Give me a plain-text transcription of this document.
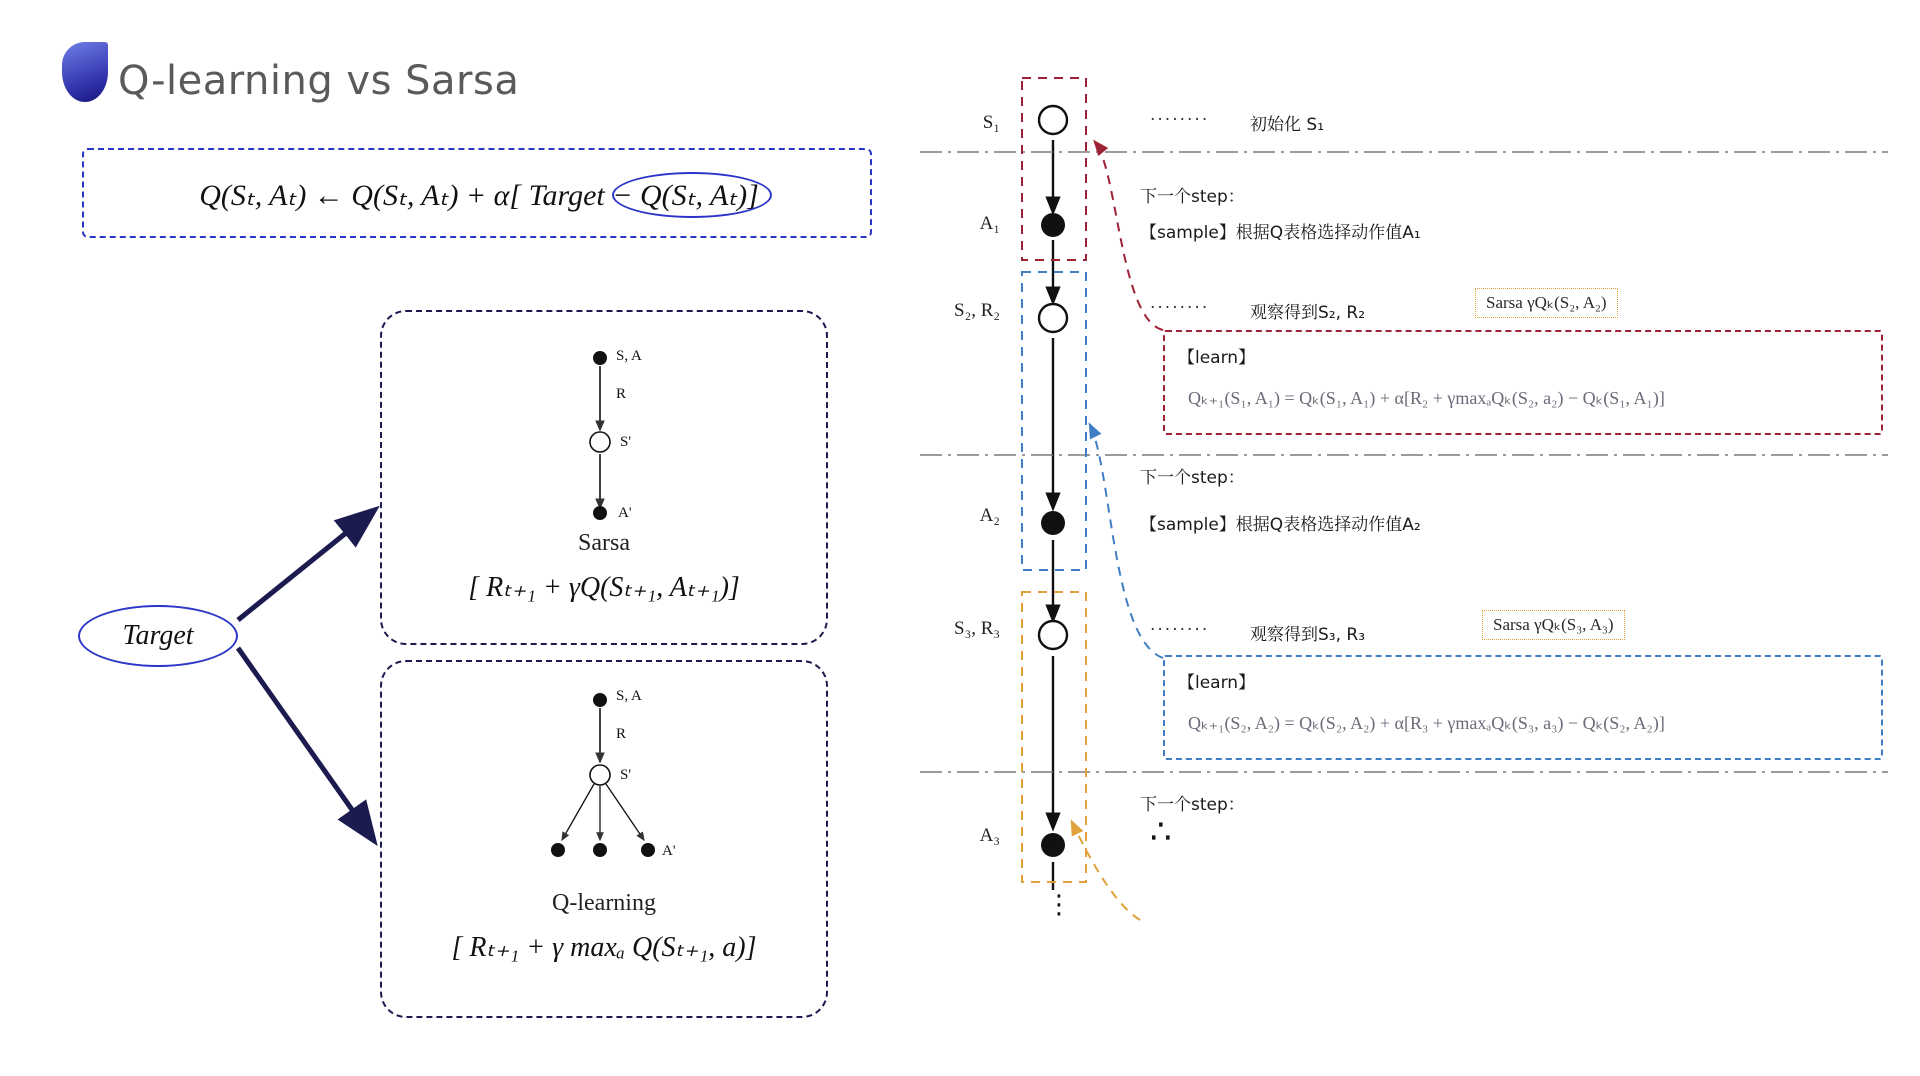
Q-learning vs Sarsa
Q(Sₜ, Aₜ) ← Q(Sₜ, Aₜ) + α[ Target − Q(Sₜ, Aₜ)]
Target
Sarsa
[ Rₜ₊₁ + γQ(Sₜ₊₁, Aₜ₊₁)]
Q-learning
[ Rₜ₊₁ + γ maxₐ Q(Sₜ₊₁, a)]
S₁
A₁
S₂, R₂
A₂
S₃, R₃
A₃
········ 初始化 S₁
下一个step：
【sample】根据Q表格选择动作值A₁
········ 观察得到S₂, R₂
Sarsa γQₖ(S₂, A₂)
【learn】
Qₖ₊₁(S₁, A₁) = Qₖ(S₁, A₁) + α[R₂ + γmaxₐQₖ(S₂, a₂) − Qₖ(S₁, A₁)]
下一个step：
【sample】根据Q表格选择动作值A₂
········ 观察得到S₃, R₃
Sarsa γQₖ(S₃, A₃)
【learn】
Qₖ₊₁(S₂, A₂) = Qₖ(S₂, A₂) + α[R₃ + γmaxₐQₖ(S₃, a₃) − Qₖ(S₂, A₂)]
下一个step：
∴
⋮
S, A
R
S'
A'
S, A
R
S'
A'
